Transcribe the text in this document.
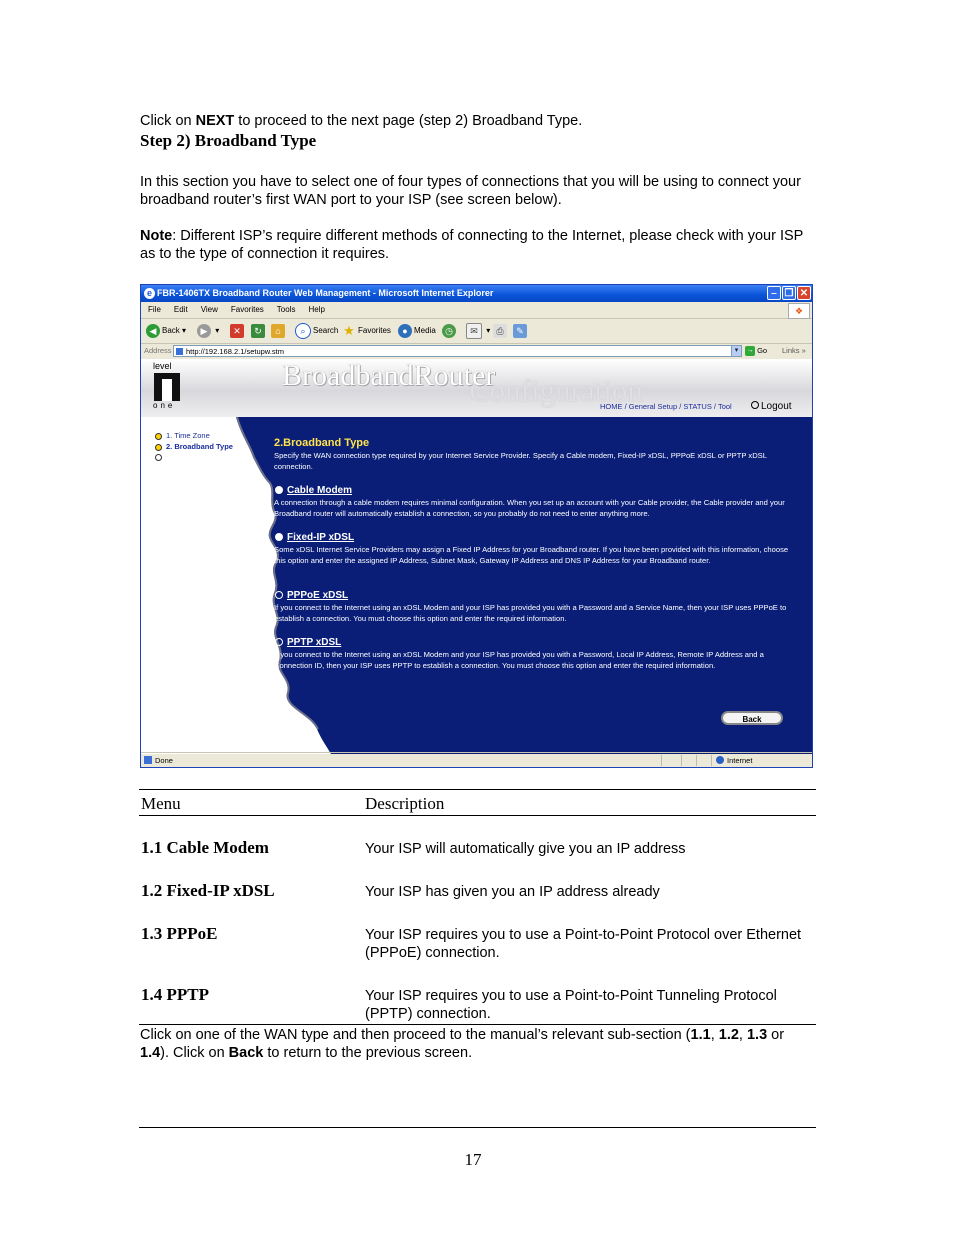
Click on NEXT to proceed to the next page (step 2) Broadband Type.

Step 2) Broadband Type

In this section you have to select one of four types of connections that you will be using to connect your broadband router’s first WAN port to your ISP (see screen below).

Note: Different ISP’s require different methods of connecting to the Internet, please check with your ISP as to the type of connection it requires.

e FBR-1406TX Broadband Router Web Management - Microsoft Internet Explorer	– ❐ ✕
File Edit View Favorites Tools Help	❖
◀ Back ▾	▶ ▾	✕	↻	⌂	⌕ Search ★ Favorites	● Media	◷	✉ ▾ ⎙	✎
Address	http://192.168.2.1/setupw.stm	▾	→ Go Links »
level
one	Configuration
BroadbandRouter
HOME / General Setup / STATUS / Tool	Logout
1. Time Zone
2. Broadband Type
3. IP Address Info
2.Broadband Type
Specify the WAN connection type required by your Internet Service Provider. Specify a Cable modem, Fixed-IP xDSL, PPPoE xDSL or PPTP xDSL connection.
Cable Modem
A connection through a cable modem requires minimal configuration. When you set up an account with your Cable provider, the Cable provider and your Broadband router will automatically establish a connection, so you probably do not need to enter anything more.
Fixed-IP xDSL
Some xDSL Internet Service Providers may assign a Fixed IP Address for your Broadband router. If you have been provided with this information, choose this option and enter the assigned IP Address, Subnet Mask, Gateway IP Address and DNS IP Address for your Broadband router.
PPPoE xDSL
If you connect to the Internet using an xDSL Modem and your ISP has provided you with a Password and a Service Name, then your ISP uses PPPoE to establish a connection. You must choose this option and enter the required information.
PPTP xDSL
If you connect to the Internet using an xDSL Modem and your ISP has provided you with a Password, Local IP Address, Remote IP Address and a Connection ID, then your ISP uses PPTP to establish a connection. You must choose this option and enter the required information.
Back
Done	Internet
Menu	Description
1.1 Cable Modem	Your ISP will automatically give you an IP address
1.2 Fixed-IP xDSL	Your ISP has given you an IP address already
1.3 PPPoE	Your ISP requires you to use a Point-to-Point Protocol over Ethernet (PPPoE) connection.
1.4 PPTP	Your ISP requires you to use a Point-to-Point Tunneling Protocol (PPTP) connection.

Click on one of the WAN type and then proceed to the manual’s relevant sub-section (1.1, 1.2, 1.3 or 1.4). Click on Back to return to the previous screen.

17
